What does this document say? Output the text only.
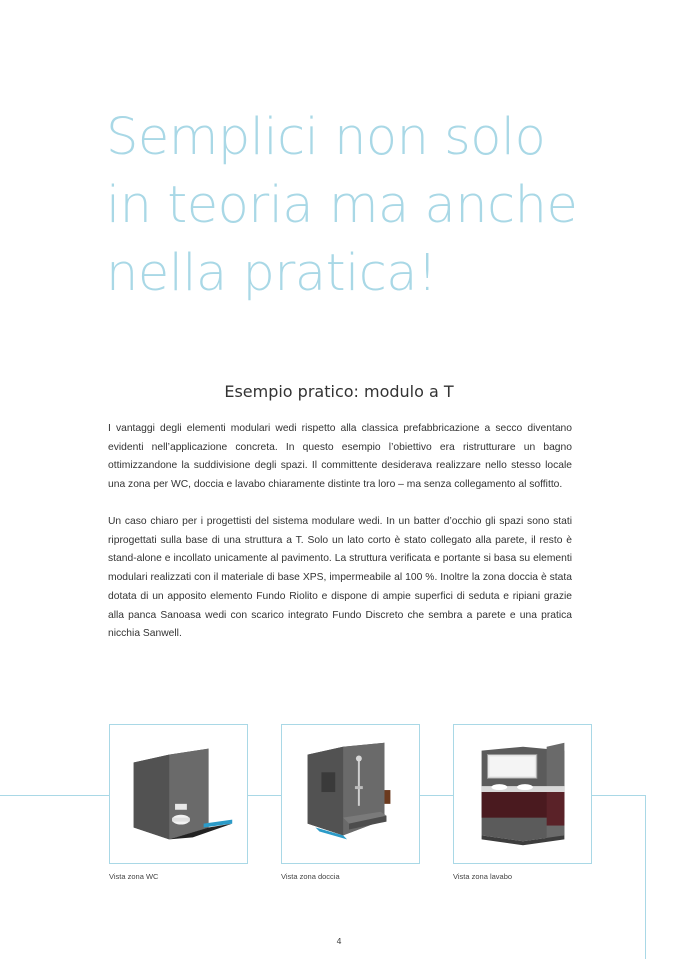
Semplici non solo
in teoria ma anche
nella pratica!
Esempio pratico: modulo a T

I vantaggi degli elementi modulari wedi rispetto alla classica prefabbricazione a secco diventano evidenti nell’applicazione concreta. In questo esempio l’obiettivo era ristrutturare un bagno ottimizzandone la suddivisione degli spazi. Il committente desiderava realizzare nello stesso locale una zona per WC, doccia e lavabo chiaramente distinte tra loro – ma senza collegamento al soffitto.

Un caso chiaro per i progettisti del sistema modulare wedi. In un batter d’occhio gli spazi sono stati riprogettati sulla base di una struttura a T. Solo un lato corto è stato collegato alla parete, il resto è stand-alone e incollato unicamente al pavimento. La struttura verificata e portante si basa su elementi modulari realizzati con il materiale di base XPS, impermeabile al 100 %. Inoltre la zona doccia è stata dotata di un apposito elemento Fundo Riolito e dispone di ampie superfici di seduta e ripiani grazie alla panca Sanoasa wedi con scarico integrato Fundo Discreto che sembra a parete e una pratica nicchia Sanwell.

Vista zona WC	Vista zona doccia	Vista zona lavabo

4
